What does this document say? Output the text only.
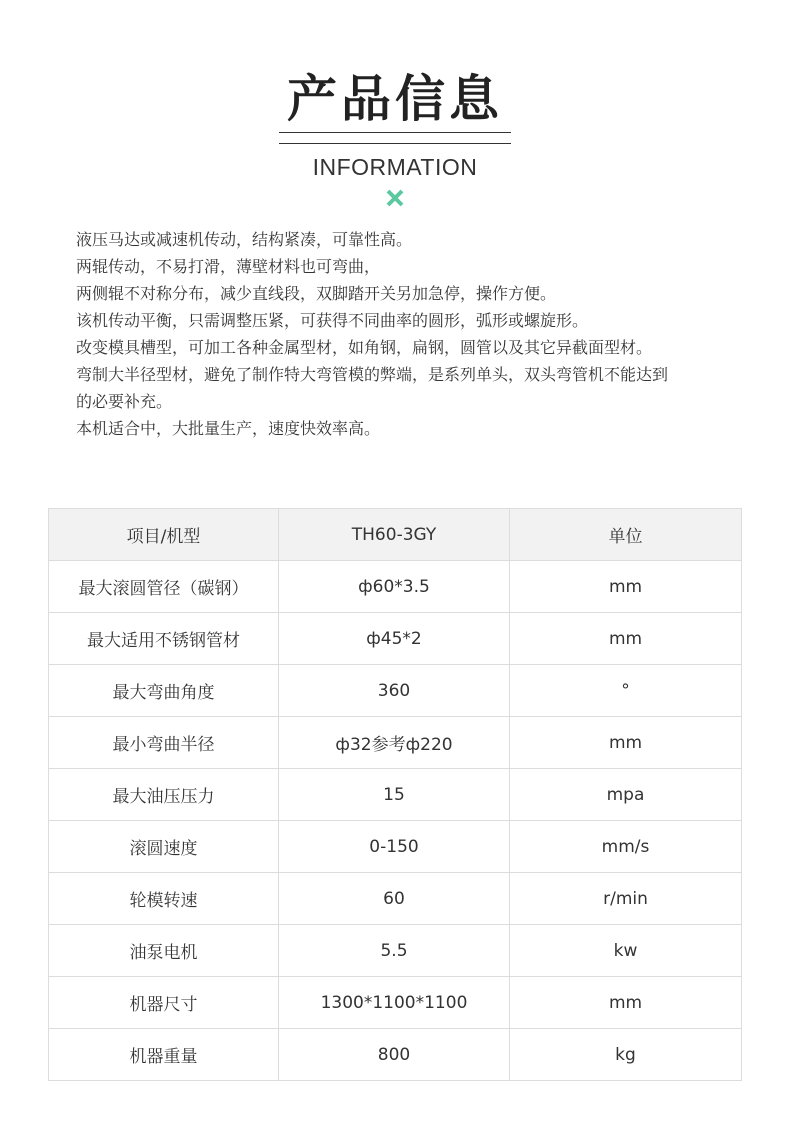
产品信息
INFORMATION

液压马达或减速机传动，结构紧凑，可靠性高。

两辊传动，不易打滑，薄壁材料也可弯曲，

两侧辊不对称分布，减少直线段，双脚踏开关另加急停，操作方便。

该机传动平衡，只需调整压紧，可获得不同曲率的圆形，弧形或螺旋形。

改变模具槽型，可加工各种金属型材，如角钢，扁钢，圆管以及其它异截面型材。

弯制大半径型材，避免了制作特大弯管模的弊端，是系列单头，双头弯管机不能达到

的必要补充。

本机适合中，大批量生产，速度快效率高。

项目/机型	TH60-3GY	单位
最大滚圆管径（碳钢）	ф60*3.5	mm
最大适用不锈钢管材	ф45*2	mm
最大弯曲角度	360	°
最小弯曲半径	ф32参考ф220	mm
最大油压压力	15	mpa
滚圆速度	0-150	mm/s
轮模转速	60	r/min
油泵电机	5.5	kw
机器尺寸	1300*1100*1100	mm
机器重量	800	kg
